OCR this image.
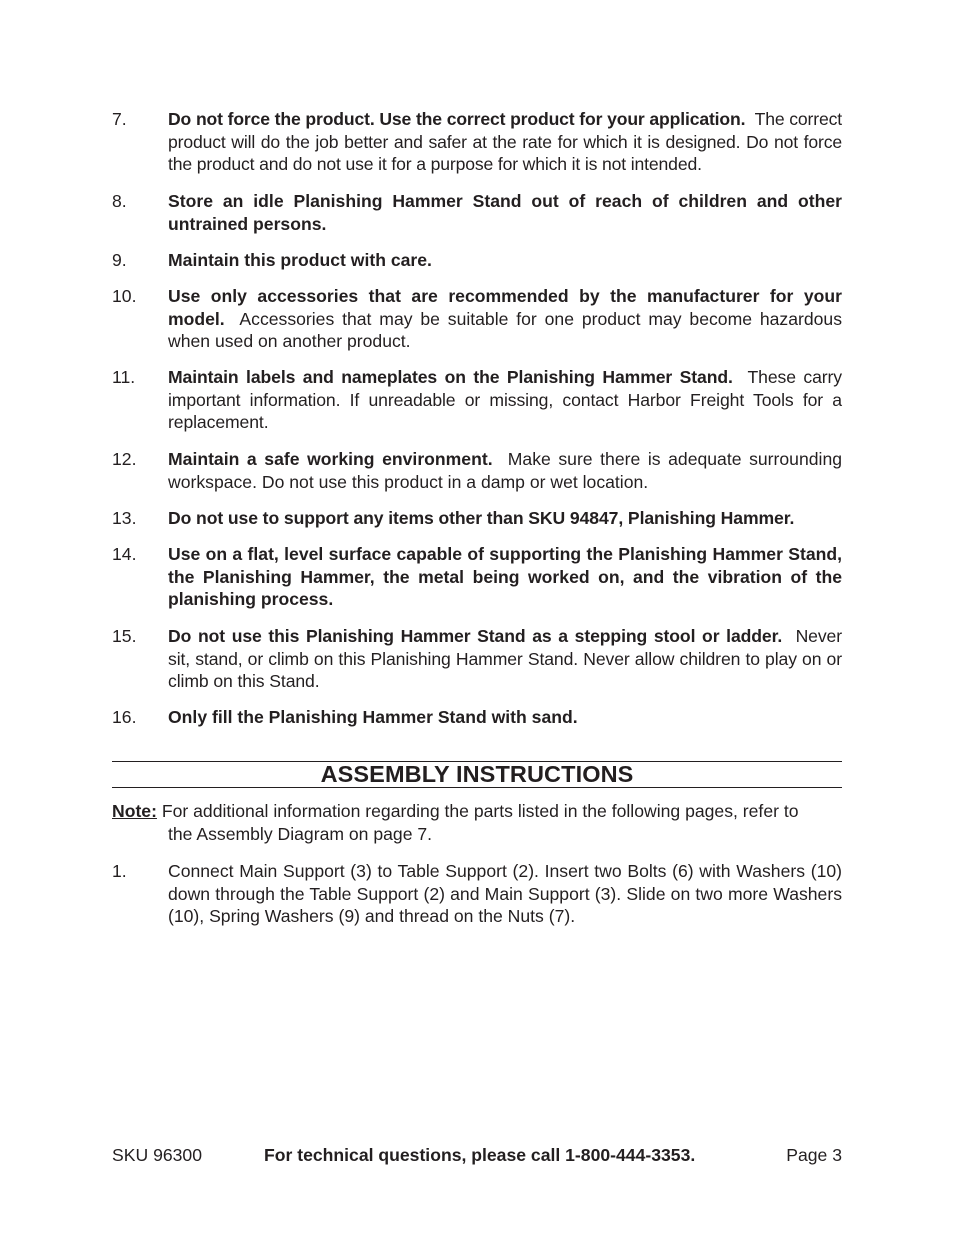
7.	Do not force the product. Use the correct product for your application. The correct product will do the job better and safer at the rate for which it is designed. Do not force the product and do not use it for a purpose for which it is not intended.
8.	Store an idle Planishing Hammer Stand out of reach of children and other untrained persons.
9.	Maintain this product with care.
10.	Use only accessories that are recommended by the manufacturer for your model. Accessories that may be suitable for one product may become hazardous when used on another product.
11.	Maintain labels and nameplates on the Planishing Hammer Stand. These carry important information. If unreadable or missing, contact Harbor Freight Tools for a replacement.
12.	Maintain a safe working environment. Make sure there is adequate surrounding workspace. Do not use this product in a damp or wet location.
13.	Do not use to support any items other than SKU 94847, Planishing Hammer.
14.	Use on a flat, level surface capable of supporting the Planishing Hammer Stand, the Planishing Hammer, the metal being worked on, and the vibration of the planishing process.
15.	Do not use this Planishing Hammer Stand as a stepping stool or ladder. Never sit, stand, or climb on this Planishing Hammer Stand. Never allow children to play on or climb on this Stand.
16.	Only fill the Planishing Hammer Stand with sand.
ASSEMBLY INSTRUCTIONS
Note: For additional information regarding the parts listed in the following pages, refer to
the Assembly Diagram on page 7.
1.	Connect Main Support (3) to Table Support (2). Insert two Bolts (6) with Washers (10) down through the Table Support (2) and Main Support (3). Slide on two more Washers (10), Spring Washers (9) and thread on the Nuts (7).
SKU 96300	For technical questions, please call 1-800-444-3353.	Page 3
